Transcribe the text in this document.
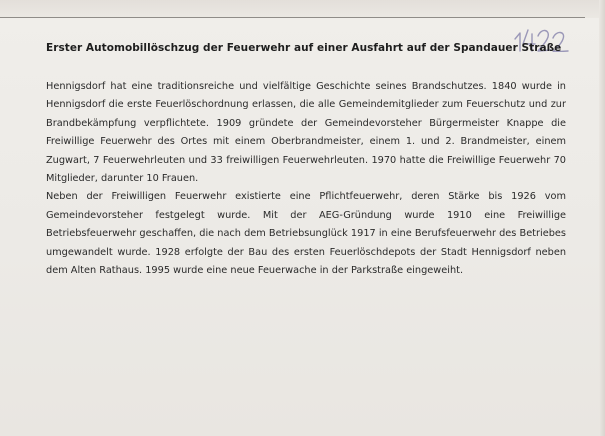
Erster Automobillöschzug der Feuerwehr auf einer Ausfahrt auf der Spandauer Straße

Hennigsdorf hat eine traditionsreiche und vielfältige Geschichte seines Brandschutzes. 1840 wurde in Hennigsdorf die erste Feuerlöschordnung erlassen, die alle Gemeindemitglieder zum Feuerschutz und zur Brandbekämpfung verpflichtete. 1909 gründete der Gemeindevorsteher Bürgermeister Knappe die Freiwillige Feuerwehr des Ortes mit einem Oberbrandmeister, einem 1. und 2. Brandmeister, einem Zugwart, 7 Feuerwehrleuten und 33 freiwilligen Feuerwehrleuten. 1970 hatte die Freiwillige Feuerwehr 70 Mitglieder, darunter 10 Frauen.

Neben der Freiwilligen Feuerwehr existierte eine Pflichtfeuerwehr, deren Stärke bis 1926 vom Gemeindevorsteher festgelegt wurde. Mit der AEG-Gründung wurde 1910 eine Freiwillige Betriebsfeuerwehr geschaffen, die nach dem Betriebsunglück 1917 in eine Berufsfeuerwehr des Betriebes umgewandelt wurde. 1928 erfolgte der Bau des ersten Feuerlöschdepots der Stadt Hennigsdorf neben dem Alten Rathaus. 1995 wurde eine neue Feuerwache in der Parkstraße eingeweiht.
